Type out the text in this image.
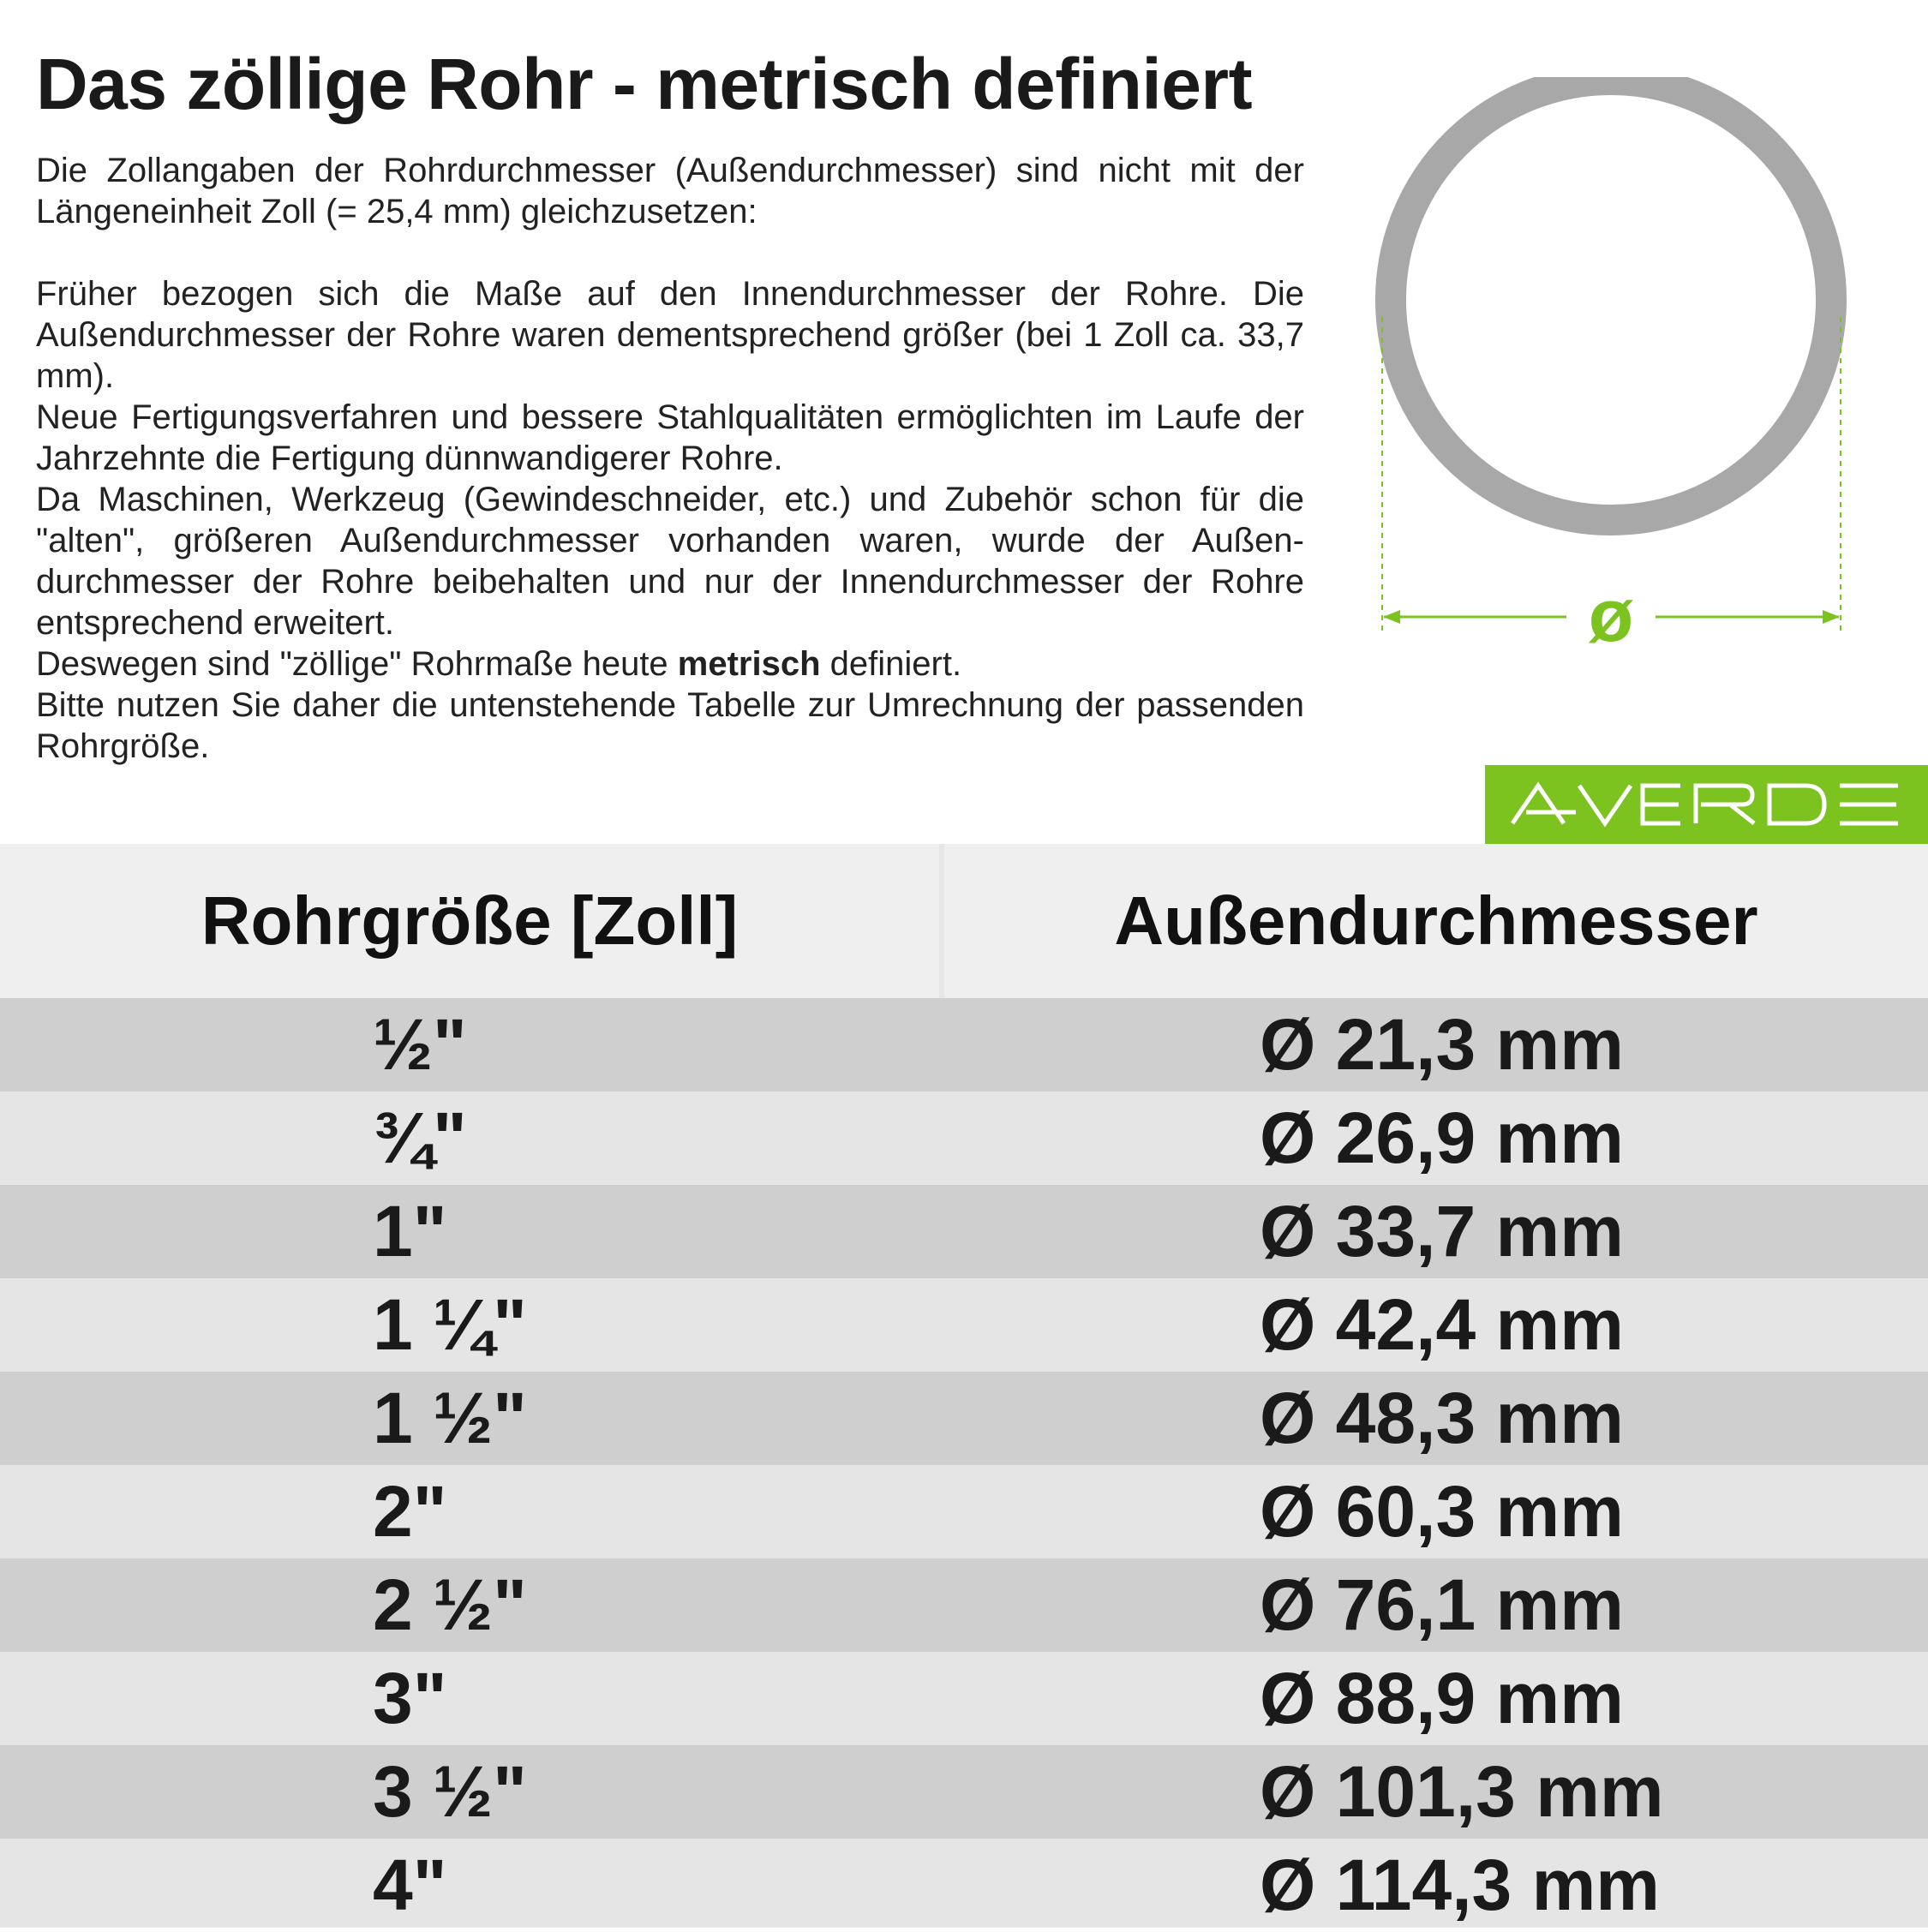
Das zöllige Rohr - metrisch definiert

Die Zollangaben der Rohrdurchmesser (Außendurchmesser) sind nicht mit der Längeneinheit Zoll (= 25,4 mm) gleichzusetzen:

Früher bezogen sich die Maße auf den Innendurchmesser der Rohre. Die Außendurchmesser der Rohre waren dementsprechend größer (bei 1 Zoll ca. 33,7 mm).

Neue Fertigungsverfahren und bessere Stahlqualitäten ermöglichten im Laufe der Jahrzehnte die Fertigung dünnwandigerer Rohre.

Da Maschinen, Werkzeug (Gewindeschneider, etc.) und Zubehör schon für die "alten", größeren Außendurchmesser vorhanden waren, wurde der Außen-durchmesser der Rohre beibehalten und nur der Innendurchmesser der Rohre entsprechend erweitert.

Deswegen sind "zöllige" Rohrmaße heute metrisch definiert.

Bitte nutzen Sie daher die untenstehende Tabelle zur Umrechnung der passenden Rohrgröße.

ø
Rohrgröße [Zoll]	Außendurchmesser
½"	Ø 21,3 mm
¾"	Ø 26,9 mm
1"	Ø 33,7 mm
1 ¼"	Ø 42,4 mm
1 ½"	Ø 48,3 mm
2"	Ø 60,3 mm
2 ½"	Ø 76,1 mm
3"	Ø 88,9 mm
3 ½"	Ø 101,3 mm
4"	Ø 114,3 mm
